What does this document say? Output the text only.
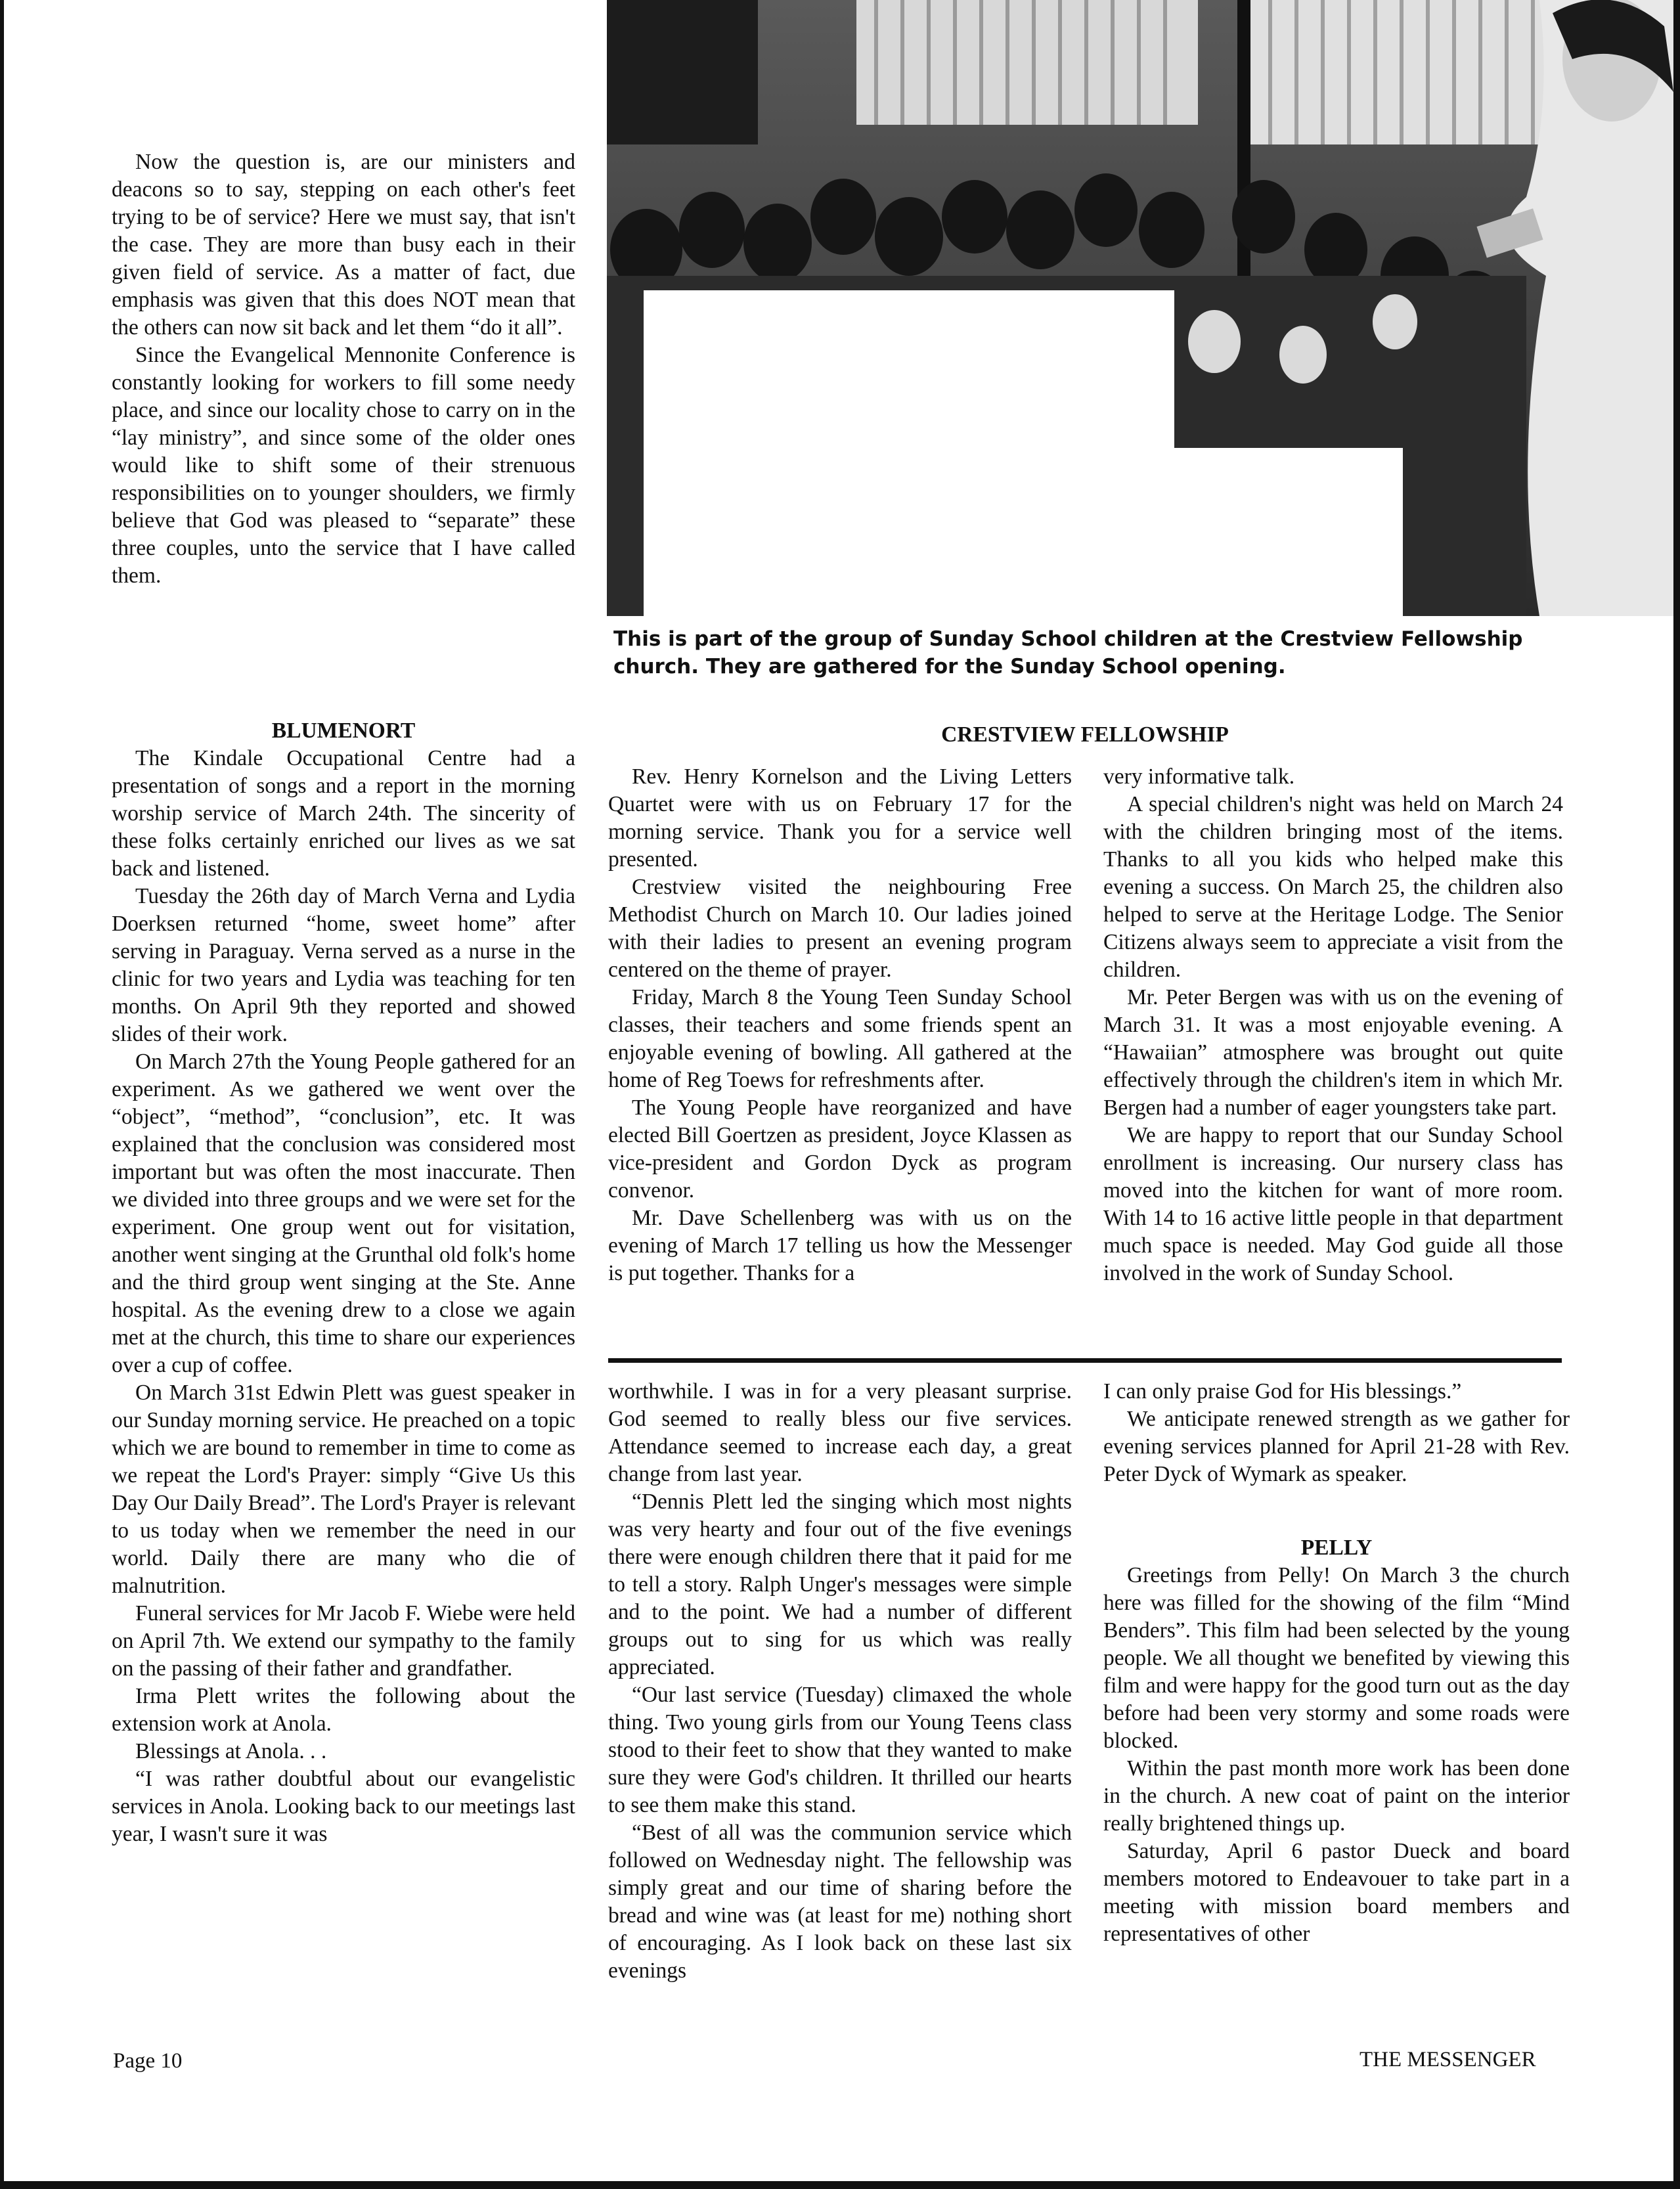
Now the question is, are our ministers and deacons so to say, stepping on each other's feet trying to be of service? Here we must say, that isn't the case. They are more than busy each in their given field of service. As a matter of fact, due emphasis was given that this does NOT mean that the others can now sit back and let them “do it all”.

Since the Evangelical Mennonite Conference is constantly looking for workers to fill some needy place, and since our locality chose to carry on in the “lay ministry”, and since some of the older ones would like to shift some of their strenuous responsibilities on to younger shoulders, we firmly believe that God was pleased to “separate” these three couples, unto the service that I have called them.

This is part of the group of Sunday School children at the Crestview Fellowship church. They are gathered for the Sunday School opening.
BLUMENORT

The Kindale Occupational Centre had a presentation of songs and a report in the morning worship service of March 24th. The sincerity of these folks certainly enriched our lives as we sat back and listened.

Tuesday the 26th day of March Verna and Lydia Doerksen returned “home, sweet home” after serving in Paraguay. Verna served as a nurse in the clinic for two years and Lydia was teaching for ten months. On April 9th they reported and showed slides of their work.

On March 27th the Young People gathered for an experiment. As we gathered we went over the “object”, “method”, “conclusion”, etc. It was explained that the conclusion was considered most important but was often the most inaccurate. Then we divided into three groups and we were set for the experiment. One group went out for visitation, another went singing at the Grunthal old folk's home and the third group went singing at the Ste. Anne hospital. As the evening drew to a close we again met at the church, this time to share our experiences over a cup of coffee.

On March 31st Edwin Plett was guest speaker in our Sunday morning service. He preached on a topic which we are bound to remember in time to come as we repeat the Lord's Prayer: simply “Give Us this Day Our Daily Bread”. The Lord's Prayer is relevant to us today when we remember the need in our world. Daily there are many who die of malnutrition.

Funeral services for Mr Jacob F. Wiebe were held on April 7th. We extend our sympathy to the family on the passing of their father and grandfather.

Irma Plett writes the following about the extension work at Anola.

Blessings at Anola. . .

“I was rather doubtful about our evangelistic services in Anola. Looking back to our meetings last year, I wasn't sure it was

CRESTVIEW FELLOWSHIP

Rev. Henry Kornelson and the Living Letters Quartet were with us on February 17 for the morning service. Thank you for a service well presented.

Crestview visited the neighbouring Free Methodist Church on March 10. Our ladies joined with their ladies to present an evening program centered on the theme of prayer.

Friday, March 8 the Young Teen Sunday School classes, their teachers and some friends spent an enjoyable evening of bowling. All gathered at the home of Reg Toews for refreshments after.

The Young People have reorganized and have elected Bill Goertzen as president, Joyce Klassen as vice-president and Gordon Dyck as program convenor.

Mr. Dave Schellenberg was with us on the evening of March 17 telling us how the Messenger is put together. Thanks for a

very informative talk.

A special children's night was held on March 24 with the children bringing most of the items. Thanks to all you kids who helped make this evening a success. On March 25, the children also helped to serve at the Heritage Lodge. The Senior Citizens always seem to appreciate a visit from the children.

Mr. Peter Bergen was with us on the evening of March 31. It was a most enjoyable evening. A “Hawaiian” atmosphere was brought out quite effectively through the children's item in which Mr. Bergen had a number of eager youngsters take part.

We are happy to report that our Sunday School enrollment is increasing. Our nursery class has moved into the kitchen for want of more room. With 14 to 16 active little people in that department much space is needed. May God guide all those involved in the work of Sunday School.

worthwhile. I was in for a very pleasant surprise. God seemed to really bless our five services. Attendance seemed to increase each day, a great change from last year.

“Dennis Plett led the singing which most nights was very hearty and four out of the five evenings there were enough children there that it paid for me to tell a story. Ralph Unger's messages were simple and to the point. We had a number of different groups out to sing for us which was really appreciated.

“Our last service (Tuesday) climaxed the whole thing. Two young girls from our Young Teens class stood to their feet to show that they wanted to make sure they were God's children. It thrilled our hearts to see them make this stand.

“Best of all was the communion service which followed on Wednesday night. The fellowship was simply great and our time of sharing before the bread and wine was (at least for me) nothing short of encouraging. As I look back on these last six evenings

I can only praise God for His blessings.”

We anticipate renewed strength as we gather for evening services planned for April 21-28 with Rev. Peter Dyck of Wymark as speaker.

PELLY

Greetings from Pelly! On March 3 the church here was filled for the showing of the film “Mind Benders”. This film had been selected by the young people. We all thought we benefited by viewing this film and were happy for the good turn out as the day before had been very stormy and some roads were blocked.

Within the past month more work has been done in the church. A new coat of paint on the interior really brightened things up.

Saturday, April 6 pastor Dueck and board members motored to Endeavouer to take part in a meeting with mission board members and representatives of other

Page 10	THE MESSENGER
